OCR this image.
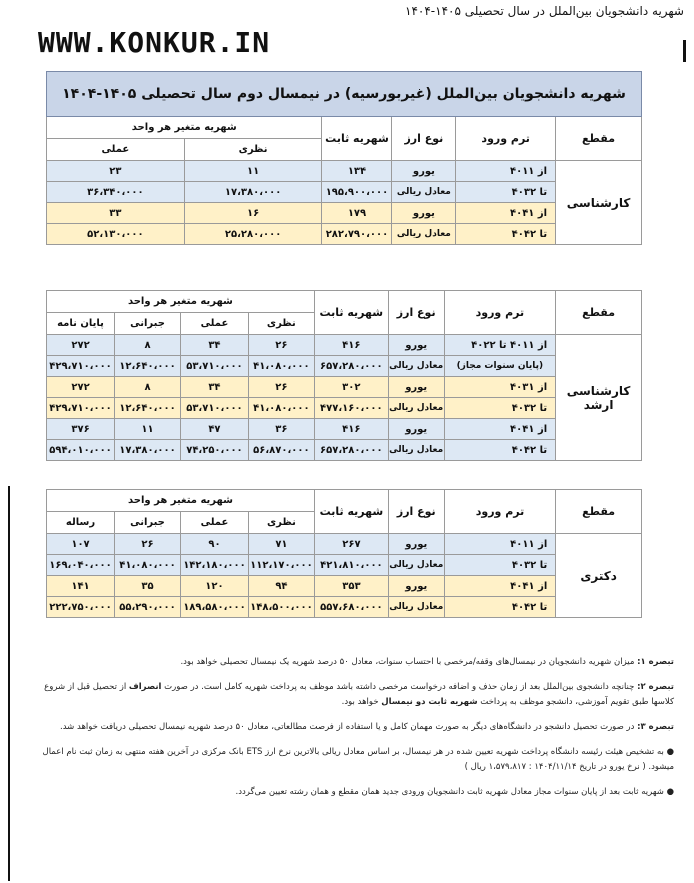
شهریه دانشجویان بین‌الملل در سال تحصیلی ۱۴۰۵-۱۴۰۴
WWW.KONKUR.IN
شهریه دانشجویان بین‌الملل (غیربورسیه) در نیمسال دوم سال تحصیلی ۱۴۰۵-۱۴۰۴					
مقطع	ترم ورود	نوع ارز	شهریه ثابت	شهریه متغیر هر واحد	
				نظری	عملی
کارشناسی	از ۴۰۱۱	یورو	۱۳۴	۱۱	۲۳
	تا ۴۰۳۲	معادل ریالی	۱۹۵،۹۰۰،۰۰۰	۱۷،۳۸۰،۰۰۰	۳۶،۳۴۰،۰۰۰
	از ۴۰۴۱	یورو	۱۷۹	۱۶	۳۳
	تا ۴۰۴۲	معادل ریالی	۲۸۲،۷۹۰،۰۰۰	۲۵،۲۸۰،۰۰۰	۵۲،۱۳۰،۰۰۰
مقطع	ترم ورود	نوع ارز	شهریه ثابت	شهریه متغیر هر واحد			
				نظری	عملی	جبرانی	پایان نامه
کارشناسی ارشد	از ۴۰۱۱ تا ۴۰۲۲	یورو	۴۱۶	۲۶	۳۴	۸	۲۷۲
	(پایان سنوات مجاز)	معادل ریالی	۶۵۷،۲۸۰،۰۰۰	۴۱،۰۸۰،۰۰۰	۵۳،۷۱۰،۰۰۰	۱۲،۶۴۰،۰۰۰	۴۲۹،۷۱۰،۰۰۰
	از ۴۰۳۱	یورو	۳۰۲	۲۶	۳۴	۸	۲۷۲
	تا ۴۰۳۲	معادل ریالی	۴۷۷،۱۶۰،۰۰۰	۴۱،۰۸۰،۰۰۰	۵۳،۷۱۰،۰۰۰	۱۲،۶۴۰،۰۰۰	۴۲۹،۷۱۰،۰۰۰
	از ۴۰۴۱	یورو	۴۱۶	۳۶	۴۷	۱۱	۳۷۶
	تا ۴۰۴۲	معادل ریالی	۶۵۷،۲۸۰،۰۰۰	۵۶،۸۷۰،۰۰۰	۷۴،۲۵۰،۰۰۰	۱۷،۳۸۰،۰۰۰	۵۹۴،۰۱۰،۰۰۰
مقطع	ترم ورود	نوع ارز	شهریه ثابت	شهریه متغیر هر واحد			
				نظری	عملی	جبرانی	رساله
دکتری	از ۴۰۱۱	یورو	۲۶۷	۷۱	۹۰	۲۶	۱۰۷
	تا ۴۰۳۲	معادل ریالی	۴۲۱،۸۱۰،۰۰۰	۱۱۲،۱۷۰،۰۰۰	۱۴۲،۱۸۰،۰۰۰	۴۱،۰۸۰،۰۰۰	۱۶۹،۰۴۰،۰۰۰
	از ۴۰۴۱	یورو	۳۵۳	۹۴	۱۲۰	۳۵	۱۴۱
	تا ۴۰۴۲	معادل ریالی	۵۵۷،۶۸۰،۰۰۰	۱۴۸،۵۰۰،۰۰۰	۱۸۹،۵۸۰،۰۰۰	۵۵،۲۹۰،۰۰۰	۲۲۲،۷۵۰،۰۰۰
تبصره ۱: میزان شهریه دانشجویان در نیمسال‌های وقفه/مرخصی با احتساب سنوات، معادل ۵۰ درصد شهریه یک نیمسال تحصیلی خواهد بود.
تبصره ۲: چنانچه دانشجوی بین‌الملل بعد از زمان حذف و اضافه درخواست مرخصی داشته باشد موظف به پرداخت شهریه کامل است. در صورت انصراف از تحصیل قبل از شروع کلاسها طبق تقویم آموزشی، دانشجو موظف به پرداخت شهریه ثابت دو نیمسال خواهد بود.
تبصره ۳: در صورت تحصیل دانشجو در دانشگاه‌های دیگر به صورت مهمان کامل و یا استفاده از فرصت مطالعاتی، معادل ۵۰ درصد شهریه نیمسال تحصیلی دریافت خواهد شد.
● به تشخیص هیئت رئیسه دانشگاه پرداخت شهریه تعیین شده در هر نیمسال، بر اساس معادل ریالی بالاترین نرخ ارز ETS بانک مرکزی در آخرین هفته منتهی به زمان ثبت نام اعمال میشود. ( نرخ یورو در تاریخ ۱۴۰۴/۱۱/۱۴ : ۱،۵۷۹،۸۱۷ ریال )
● شهریه ثابت بعد از پایان سنوات مجاز معادل شهریه ثابت دانشجویان ورودی جدید همان مقطع و همان رشته تعیین می‌گردد.
